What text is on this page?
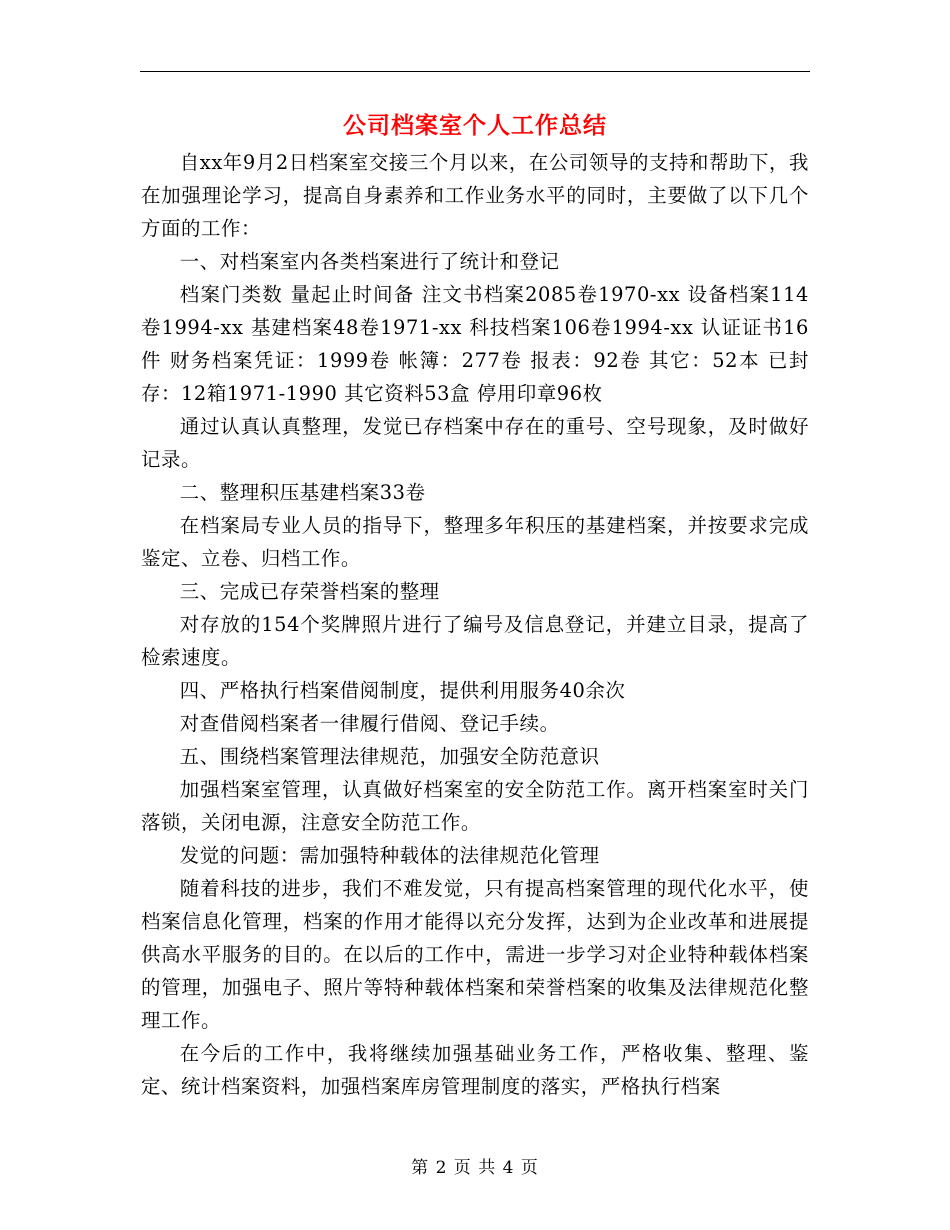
公司档案室个人工作总结

自xx年9月2日档案室交接三个月以来，在公司领导的支持和帮助下，我在加强理论学习，提高自身素养和工作业务水平的同时，主要做了以下几个方面的工作：

一、对档案室内各类档案进行了统计和登记

档案门类数 量起止时间备 注文书档案2085卷1970-xx 设备档案114卷1994-xx 基建档案48卷1971-xx 科技档案106卷1994-xx 认证证书16件 财务档案凭证：1999卷 帐簿：277卷 报表：92卷 其它：52本 已封存：12箱1971-1990 其它资料53盒 停用印章96枚

通过认真认真整理，发觉已存档案中存在的重号、空号现象，及时做好记录。

二、整理积压基建档案33卷

在档案局专业人员的指导下，整理多年积压的基建档案，并按要求完成鉴定、立卷、归档工作。

三、完成已存荣誉档案的整理

对存放的154个奖牌照片进行了编号及信息登记，并建立目录，提高了检索速度。

四、严格执行档案借阅制度，提供利用服务40余次

对查借阅档案者一律履行借阅、登记手续。

五、围绕档案管理法律规范，加强安全防范意识

加强档案室管理，认真做好档案室的安全防范工作。离开档案室时关门落锁，关闭电源，注意安全防范工作。

发觉的问题：需加强特种载体的法律规范化管理

随着科技的进步，我们不难发觉，只有提高档案管理的现代化水平，使档案信息化管理，档案的作用才能得以充分发挥，达到为企业改革和进展提供高水平服务的目的。在以后的工作中，需进一步学习对企业特种载体档案的管理，加强电子、照片等特种载体档案和荣誉档案的收集及法律规范化整理工作。

在今后的工作中，我将继续加强基础业务工作，严格收集、整理、鉴定、统计档案资料，加强档案库房管理制度的落实，严格执行档案

第 2 页 共 4 页
